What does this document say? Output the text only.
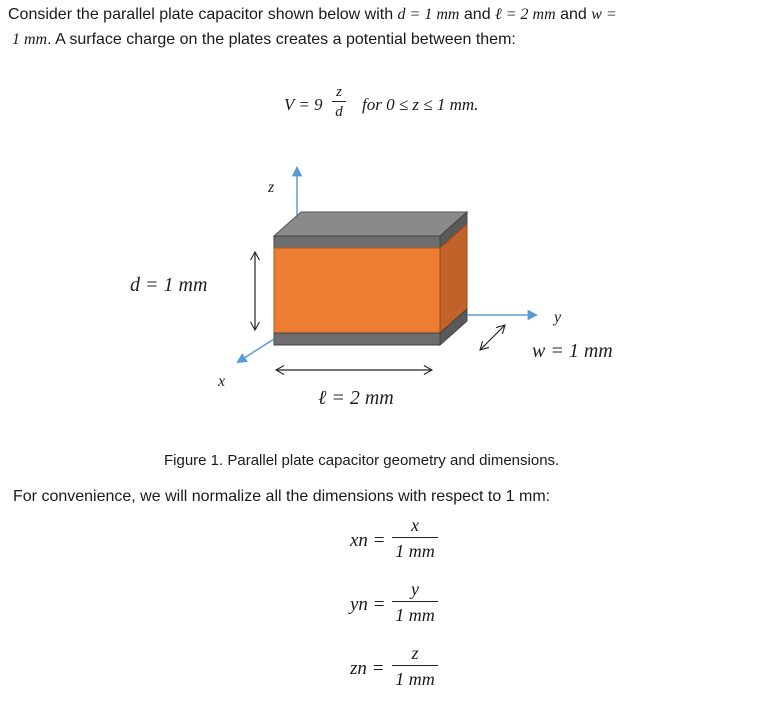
Consider the parallel plate capacitor shown below with d = 1 mm and ℓ = 2 mm and w =
1 mm. A surface charge on the plates creates a potential between them:
V = 9
z
d for 0 ≤ z ≤ 1 mm.
z
x
y
d = 1 mm
ℓ = 2 mm
w = 1 mm
Figure 1. Parallel plate capacitor geometry and dimensions.
For convenience, we will normalize all the dimensions with respect to 1 mm:
xn =
x
1 mm
yn =
y
1 mm
zn =
z
1 mm
